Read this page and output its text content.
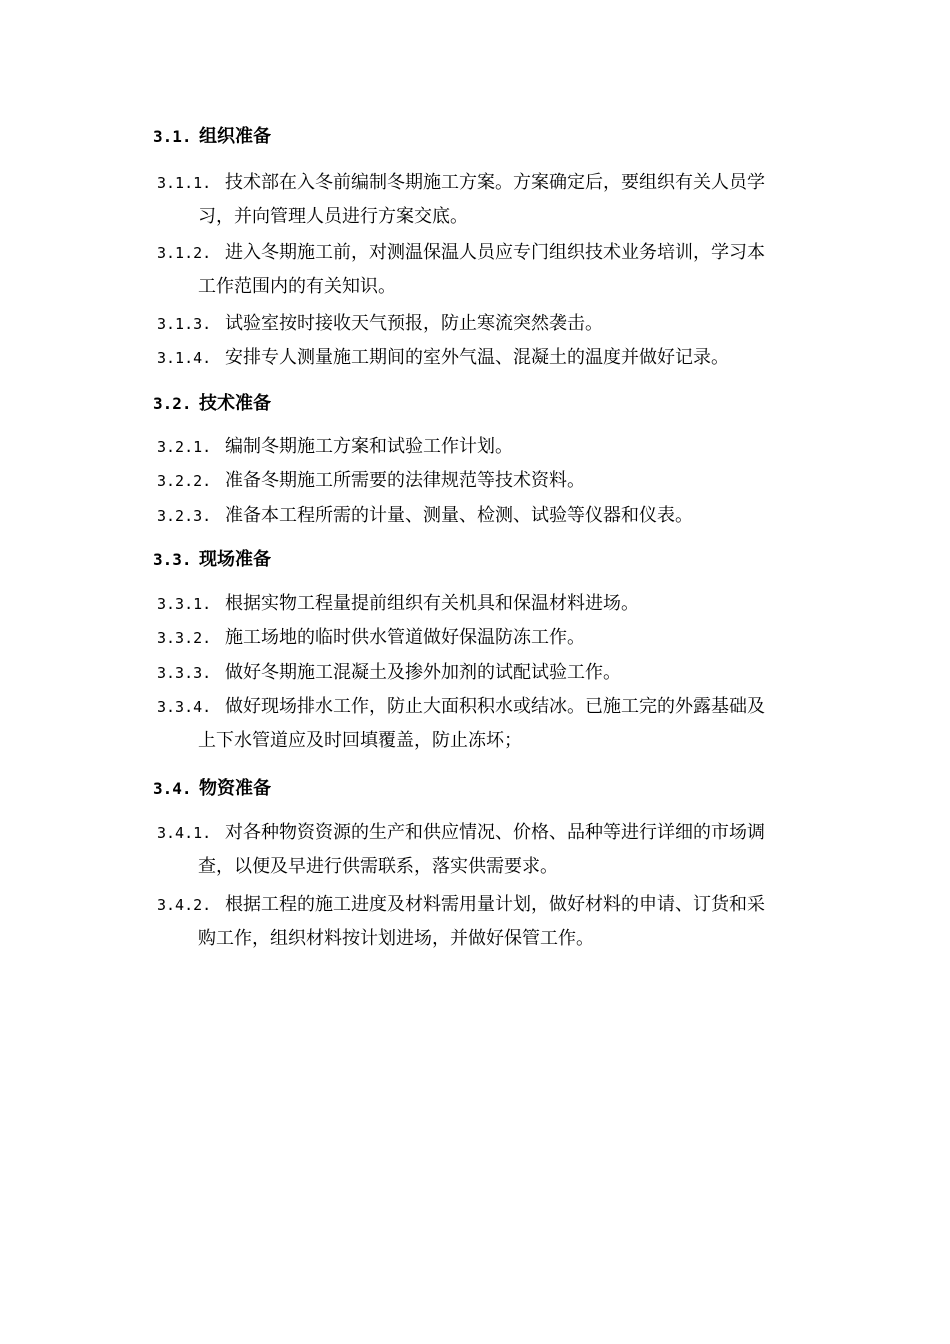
3.1. 组织准备
3.1.1. 技术部在入冬前编制冬期施工方案。方案确定后，要组织有关人员学
习，并向管理人员进行方案交底。
3.1.2. 进入冬期施工前，对测温保温人员应专门组织技术业务培训，学习本
工作范围内的有关知识。
3.1.3. 试验室按时接收天气预报，防止寒流突然袭击。
3.1.4. 安排专人测量施工期间的室外气温、混凝土的温度并做好记录。
3.2. 技术准备
3.2.1. 编制冬期施工方案和试验工作计划。
3.2.2. 准备冬期施工所需要的法律规范等技术资料。
3.2.3. 准备本工程所需的计量、测量、检测、试验等仪器和仪表。
3.3. 现场准备
3.3.1. 根据实物工程量提前组织有关机具和保温材料进场。
3.3.2. 施工场地的临时供水管道做好保温防冻工作。
3.3.3. 做好冬期施工混凝土及掺外加剂的试配试验工作。
3.3.4. 做好现场排水工作，防止大面积积水或结冰。已施工完的外露基础及
上下水管道应及时回填覆盖，防止冻坏；
3.4. 物资准备
3.4.1. 对各种物资资源的生产和供应情况、价格、品种等进行详细的市场调
查，以便及早进行供需联系，落实供需要求。
3.4.2. 根据工程的施工进度及材料需用量计划，做好材料的申请、订货和采
购工作，组织材料按计划进场，并做好保管工作。
